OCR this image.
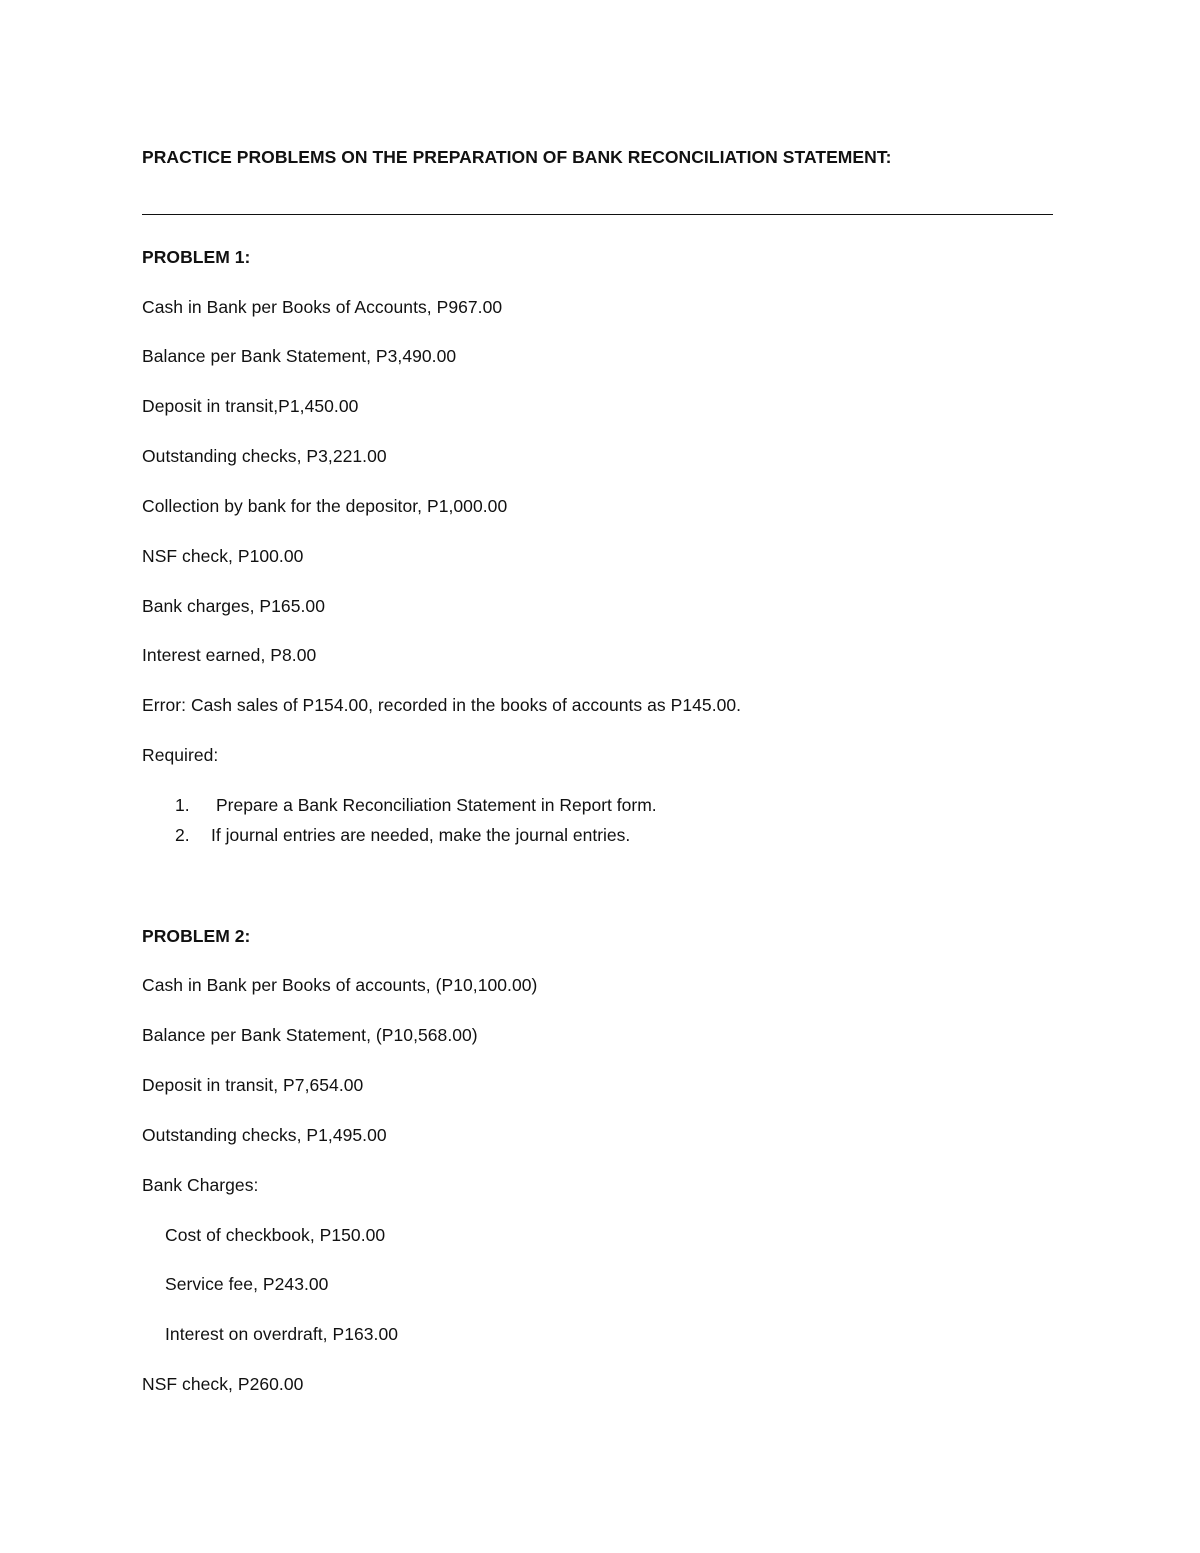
PRACTICE PROBLEMS ON THE PREPARATION OF BANK RECONCILIATION STATEMENT:
PROBLEM 1:
Cash in Bank per Books of Accounts, P967.00
Balance per Bank Statement, P3,490.00
Deposit in transit,P1,450.00
Outstanding checks, P3,221.00
Collection by bank for the depositor, P1,000.00
NSF check, P100.00
Bank charges, P165.00
Interest earned, P8.00
Error: Cash sales of P154.00, recorded in the books of accounts as P145.00.
Required:
1. Prepare a Bank Reconciliation Statement in Report form.
2. If journal entries are needed, make the journal entries.
PROBLEM 2:
Cash in Bank per Books of accounts, (P10,100.00)
Balance per Bank Statement, (P10,568.00)
Deposit in transit, P7,654.00
Outstanding checks, P1,495.00
Bank Charges:
Cost of checkbook, P150.00
Service fee, P243.00
Interest on overdraft, P163.00
NSF check, P260.00
